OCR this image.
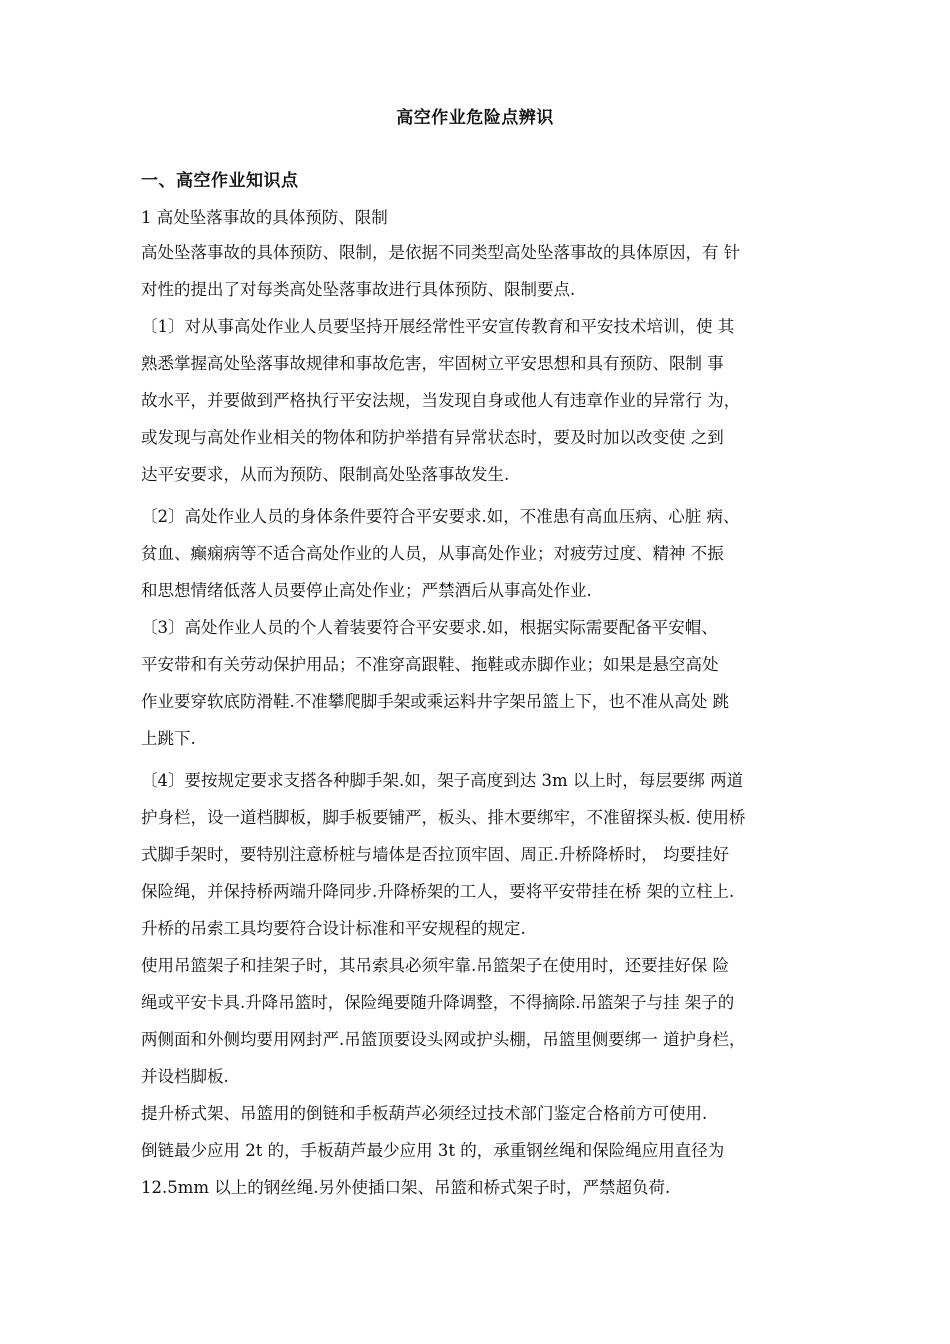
高空作业危险点辨识
一、高空作业知识点
1 高处坠落事故的具体预防、限制
高处坠落事故的具体预防、限制，是依据不同类型高处坠落事故的具体原因，有 针
对性的提出了对每类高处坠落事故进行具体预防、限制要点.
〔1〕对从事高处作业人员要坚持开展经常性平安宣传教育和平安技术培训，使 其
熟悉掌握高处坠落事故规律和事故危害，牢固树立平安思想和具有预防、限制 事
故水平，并要做到严格执行平安法规，当发现自身或他人有违章作业的异常行 为，
或发现与高处作业相关的物体和防护举措有异常状态时，要及时加以改变使 之到
达平安要求，从而为预防、限制高处坠落事故发生.
〔2〕高处作业人员的身体条件要符合平安要求.如，不准患有高血压病、心脏 病、
贫血、癫痫病等不适合高处作业的人员，从事高处作业；对疲劳过度、精神 不振
和思想情绪低落人员要停止高处作业；严禁酒后从事高处作业.
〔3〕高处作业人员的个人着装要符合平安要求.如，根据实际需要配备平安帽、
平安带和有关劳动保护用品；不准穿高跟鞋、拖鞋或赤脚作业；如果是悬空高处
作业要穿软底防滑鞋.不准攀爬脚手架或乘运料井字架吊篮上下，也不准从高处 跳
上跳下.
〔4〕要按规定要求支搭各种脚手架.如，架子高度到达 3m 以上时，每层要绑 两道
护身栏，设一道档脚板，脚手板要铺严，板头、排木要绑牢，不准留探头板. 使用桥
式脚手架时，要特别注意桥桩与墙体是否拉顶牢固、周正.升桥降桥时， 均要挂好
保险绳，并保持桥两端升降同步.升降桥架的工人，要将平安带挂在桥 架的立柱上.
升桥的吊索工具均要符合设计标准和平安规程的规定.
使用吊篮架子和挂架子时，其吊索具必须牢靠.吊篮架子在使用时，还要挂好保 险
绳或平安卡具.升降吊篮时，保险绳要随升降调整，不得摘除.吊篮架子与挂 架子的
两侧面和外侧均要用网封严.吊篮顶要设头网或护头棚，吊篮里侧要绑一 道护身栏，
并设档脚板.
提升桥式架、吊篮用的倒链和手板葫芦必须经过技术部门鉴定合格前方可使用.
倒链最少应用 2t 的，手板葫芦最少应用 3t 的，承重钢丝绳和保险绳应用直径为
12.5mm 以上的钢丝绳.另外使插口架、吊篮和桥式架子时，严禁超负荷.
